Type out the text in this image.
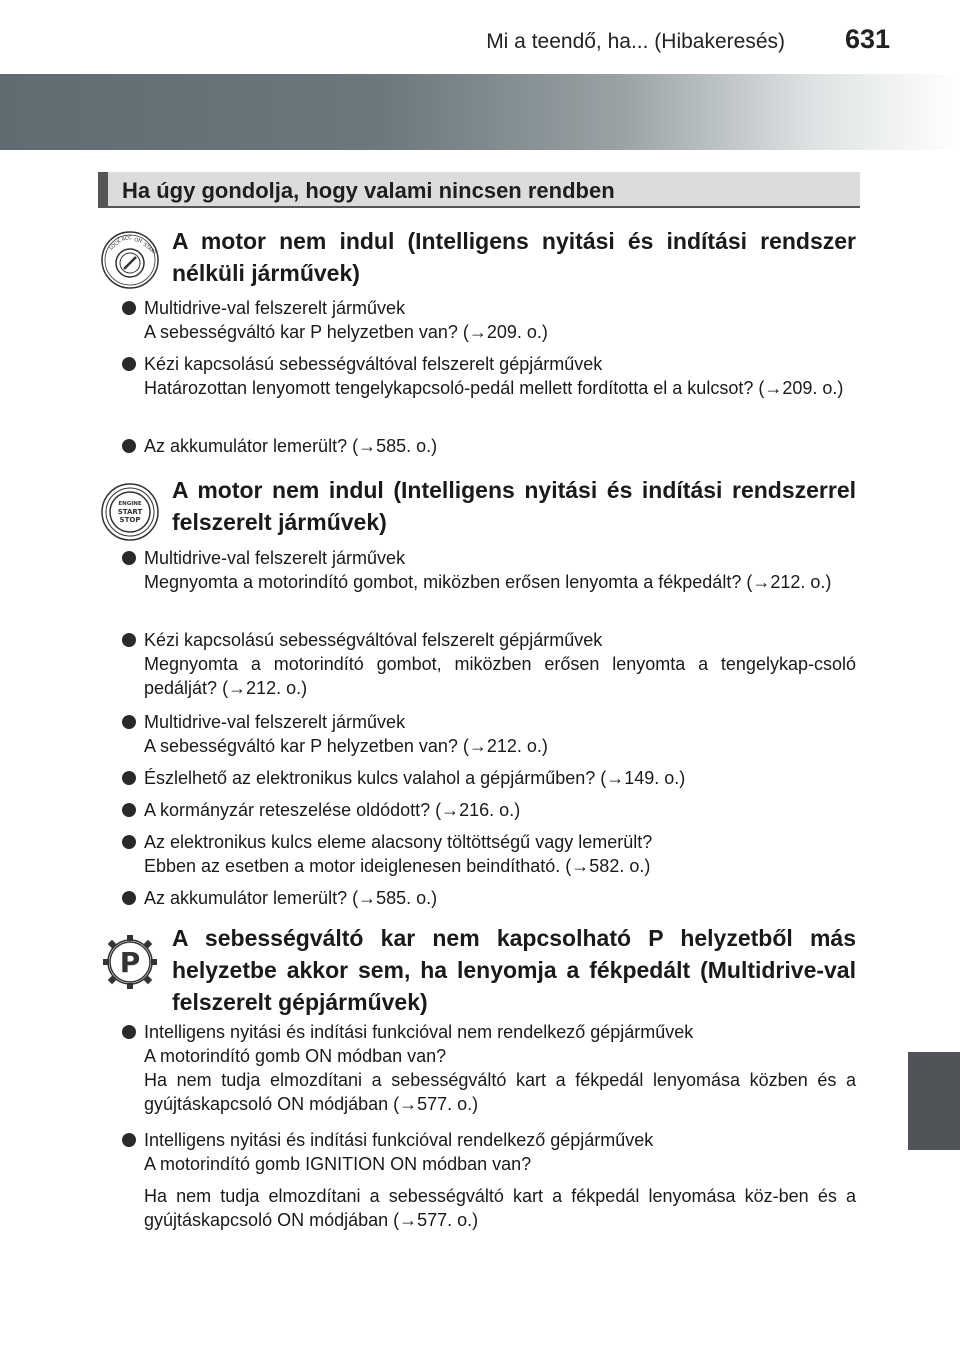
Mi a teendő, ha... (Hibakeresés) 631
Ha úgy gondolja, hogy valami nincsen rendben
LOCK
ACC ON
START A motor nem indul (Intelligens nyitási és indítási rendszer nélküli járművek)
Multidrive-val felszerelt járművek
A sebességváltó kar P helyzetben van? (→209. o.)
Kézi kapcsolású sebességváltóval felszerelt gépjárművek
Határozottan lenyomott tengelykapcsoló-pedál mellett fordította el a kulcsot? (→209. o.)
Az akkumulátor lemerült? (→585. o.)
ENGINE
START
STOP
A motor nem indul (Intelligens nyitási és indítási rendszerrel felszerelt járművek)
Multidrive-val felszerelt járművek
Megnyomta a motorindító gombot, miközben erősen lenyomta a fékpedált? (→212. o.)
Kézi kapcsolású sebességváltóval felszerelt gépjárművek
Megnyomta a motorindító gombot, miközben erősen lenyomta a tengelykap-csoló pedálját? (→212. o.)
Multidrive-val felszerelt járművek
A sebességváltó kar P helyzetben van? (→212. o.)
Észlelhető az elektronikus kulcs valahol a gépjárműben? (→149. o.)
A kormányzár reteszelése oldódott? (→216. o.)
Az elektronikus kulcs eleme alacsony töltöttségű vagy lemerült?
Ebben az esetben a motor ideiglenesen beindítható. (→582. o.)
Az akkumulátor lemerült? (→585. o.)
P
A sebességváltó kar nem kapcsolható P helyzetből más helyzetbe akkor sem, ha lenyomja a fékpedált (Multidrive-val felszerelt gépjárművek)
Intelligens nyitási és indítási funkcióval nem rendelkező gépjárművek
A motorindító gomb ON módban van?
Ha nem tudja elmozdítani a sebességváltó kart a fékpedál lenyomása közben és a gyújtáskapcsoló ON módjában (→577. o.)
Intelligens nyitási és indítási funkcióval rendelkező gépjárművek
A motorindító gomb IGNITION ON módban van?
Ha nem tudja elmozdítani a sebességváltó kart a fékpedál lenyomása köz-ben és a gyújtáskapcsoló ON módjában (→577. o.)
